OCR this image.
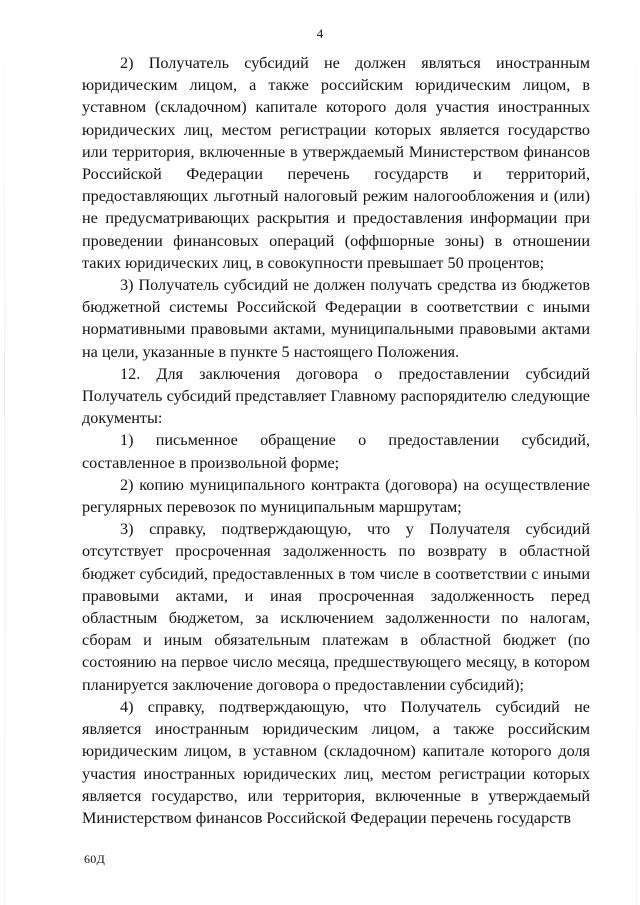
4

2) Получатель субсидий не должен являться иностранным юридическим лицом, а также российским юридическим лицом, в уставном (складочном) капитале которого доля участия иностранных юридических лиц, местом регистрации которых является государство или территория, включенные в утверждаемый Министерством финансов Российской Федерации перечень государств и территорий, предоставляющих льготный налоговый режим налогообложения и (или) не предусматривающих раскрытия и предоставления информации при проведении финансовых операций (оффшорные зоны) в отношении таких юридических лиц, в совокупности превышает 50 процентов;

3) Получатель субсидий не должен получать средства из бюджетов бюджетной системы Российской Федерации в соответствии с иными нормативными правовыми актами, муниципальными правовыми актами на цели, указанные в пункте 5 настоящего Положения.

12. Для заключения договора о предоставлении субсидий Получатель субсидий представляет Главному распорядителю следующие документы:

1) письменное обращение о предоставлении субсидий, составленное в произвольной форме;

2) копию муниципального контракта (договора) на осуществление регулярных перевозок по муниципальным маршрутам;

3) справку, подтверждающую, что у Получателя субсидий отсутствует просроченная задолженность по возврату в областной бюджет субсидий, предоставленных в том числе в соответствии с иными правовыми актами, и иная просроченная задолженность перед областным бюджетом, за исключением задолженности по налогам, сборам и иным обязательным платежам в областной бюджет (по состоянию на первое число месяца, предшествующего месяцу, в котором планируется заключение договора о предоставлении субсидий);

4) справку, подтверждающую, что Получатель субсидий не является иностранным юридическим лицом, а также российским юридическим лицом, в уставном (складочном) капитале которого доля участия иностранных юридических лиц, местом регистрации которых является государство, или территория, включенные в утверждаемый Министерством финансов Российской Федерации перечень государств

60Д
